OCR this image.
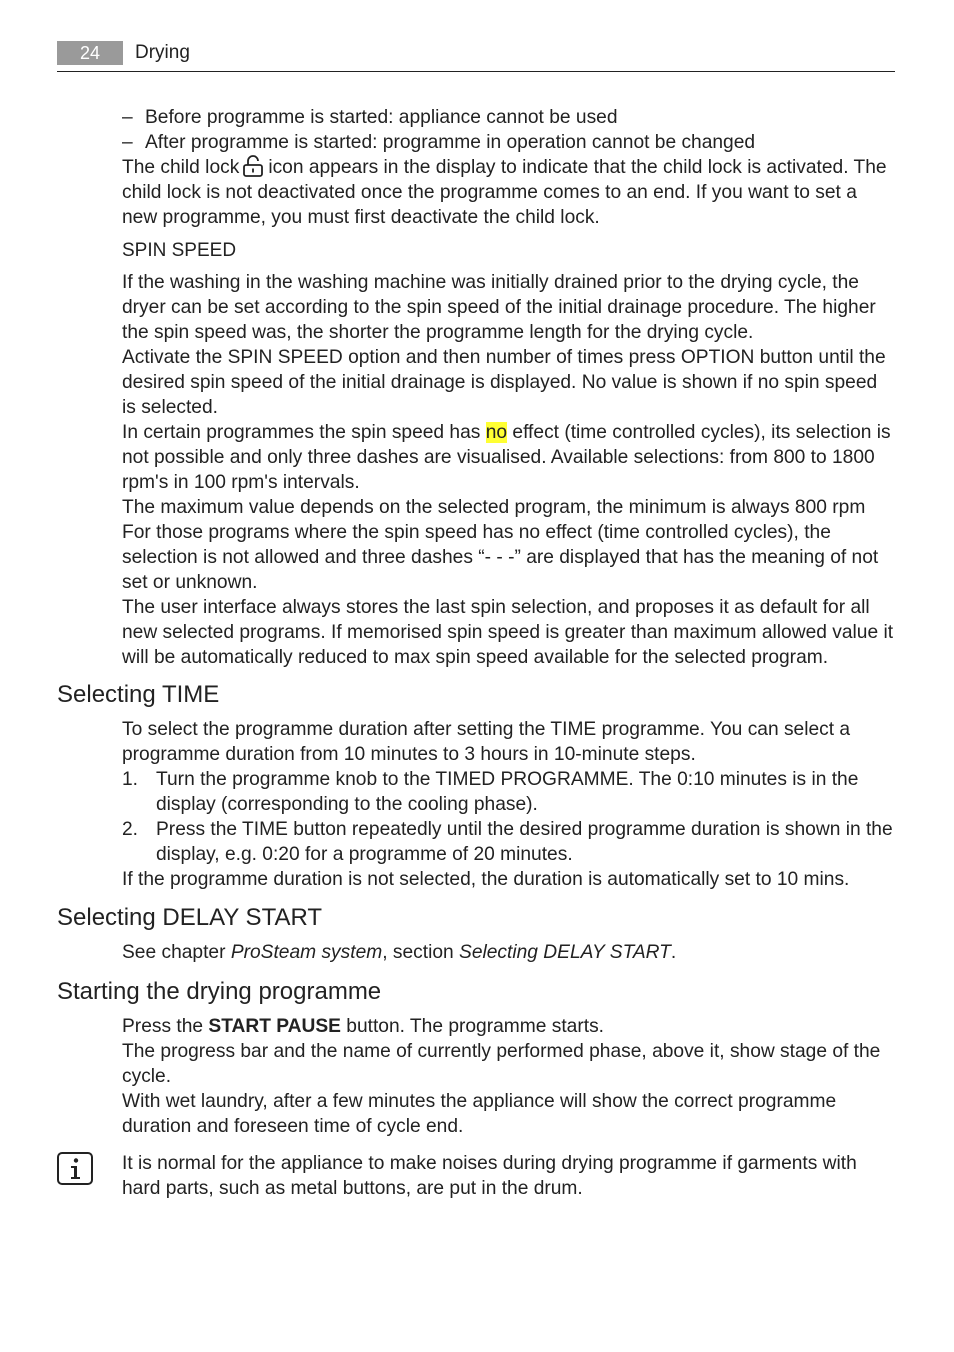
24	Drying
– Before programme is started: appliance cannot be used
– After programme is started: programme in operation cannot be changed

The child lock icon appears in the display to indicate that the child lock is activated. The child lock is not deactivated once the programme comes to an end. If you want to set a new programme, you must first deactivate the child lock.

SPIN SPEED

If the washing in the washing machine was initially drained prior to the drying cycle, the dryer can be set according to the spin speed of the initial drainage procedure. The higher the spin speed was, the shorter the programme length for the drying cycle.

Activate the SPIN SPEED option and then number of times press OPTION button until the desired spin speed of the initial drainage is displayed. No value is shown if no spin speed is selected.

In certain programmes the spin speed has no effect (time controlled cycles), its selection is not possible and only three dashes are visualised. Available selections: from 800 to 1800 rpm's in 100 rpm's intervals.

The maximum value depends on the selected program, the minimum is always 800 rpm

For those programs where the spin speed has no effect (time controlled cycles), the selection is not allowed and three dashes “- - -” are displayed that has the meaning of not set or unknown.

The user interface always stores the last spin selection, and proposes it as default for all new selected programs. If memorised spin speed is greater than maximum allowed value it will be automatically reduced to max spin speed available for the selected program.

Selecting TIME

To select the programme duration after setting the TIME programme. You can select a programme duration from 10 minutes to 3 hours in 10-minute steps.

1. Turn the programme knob to the TIMED PROGRAMME. The 0:10 minutes is in the display (corresponding to the cooling phase).
2. Press the TIME button repeatedly until the desired programme duration is shown in the display, e.g. 0:20 for a programme of 20 minutes.

If the programme duration is not selected, the duration is automatically set to 10 mins.

Selecting DELAY START

See chapter ProSteam system, section Selecting DELAY START.

Starting the drying programme

Press the START PAUSE button. The programme starts.

The progress bar and the name of currently performed phase, above it, show stage of the cycle.

With wet laundry, after a few minutes the appliance will show the correct programme duration and foreseen time of cycle end.

It is normal for the appliance to make noises during drying programme if garments with hard parts, such as metal buttons, are put in the drum.
